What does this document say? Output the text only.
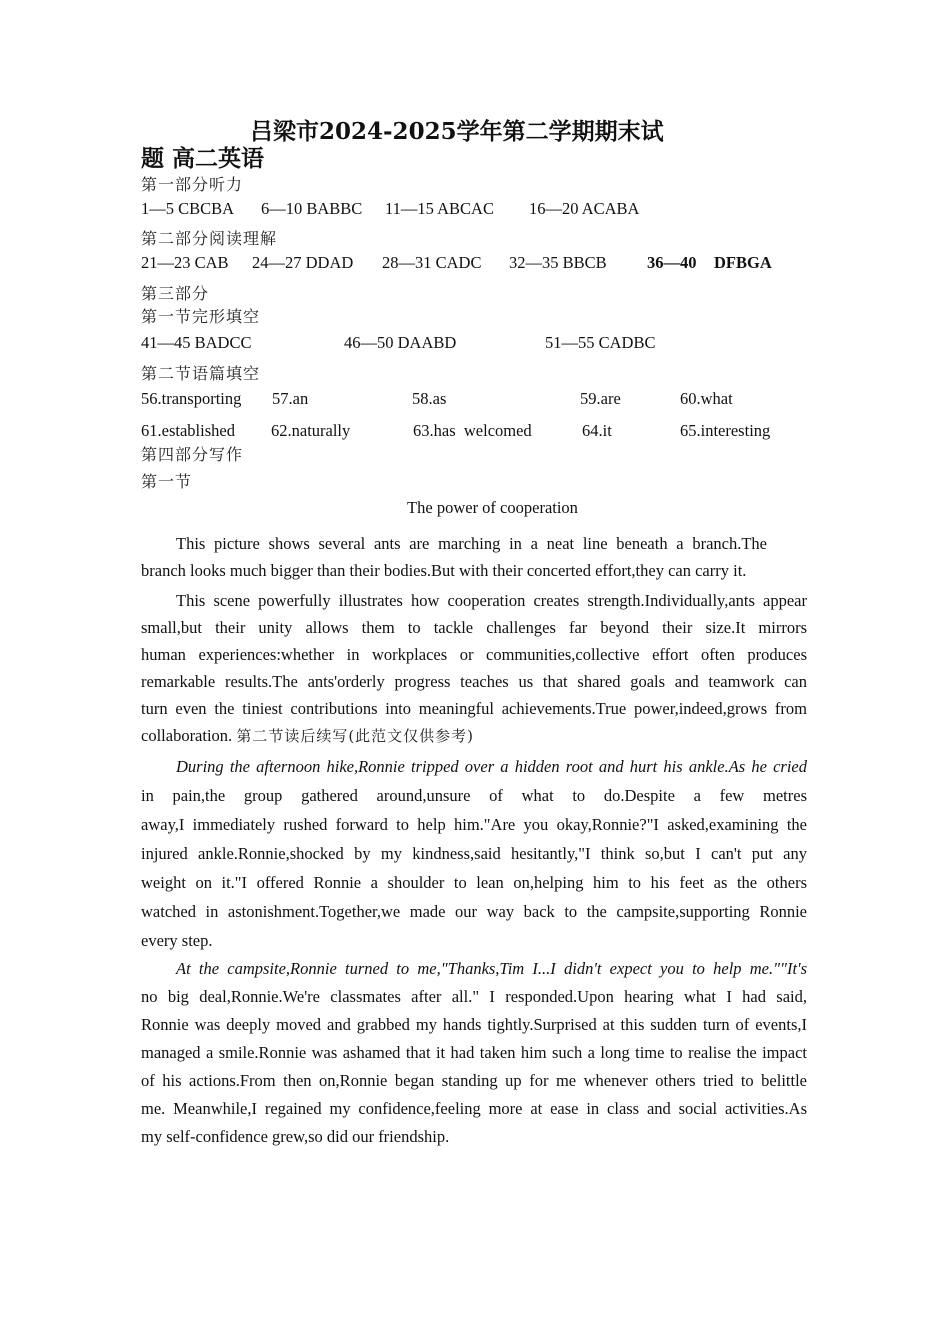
吕梁市2024-2025学年第二学期期末试
题 高二英语
第一部分听力
1—5 CBCBA 6—10 BABBC 11—15 ABCAC 16—20 ACABA
第二部分阅读理解
21—23 CAB 24—27 DDAD 28—31 CADC 32—35 BBCB 36—40 DFBGA
第三部分
第一节完形填空
41—45 BADCC	46—50 DAABD	51—55 CADBC
第二节语篇填空
56.transporting 57.an	58.as	59.are	60.what
61.established 62.naturally	63.has  welcomed	64.it	65.interesting
第四部分写作
第一节
The power of cooperation
This picture shows several ants are marching in a neat line beneath a branch.The
branch looks much bigger than their bodies.But with their concerted effort,they can carry it.
This scene powerfully illustrates how cooperation creates strength.Individually,ants appear
small,but their unity allows them to tackle challenges far beyond their size.It mirrors
human experiences:whether in workplaces or communities,collective effort often produces
remarkable results.The ants'orderly progress teaches us that shared goals and teamwork can
turn even the tiniest contributions into meaningful achievements.True power,indeed,grows from
collaboration. 第二节读后续写(此范文仅供参考)
During the afternoon hike,Ronnie tripped over a hidden root and hurt his ankle.As he cried
in pain,the group gathered around,unsure of what to do.Despite a few metres
away,I immediately rushed forward to help him."Are you okay,Ronnie?"I asked,examining the
injured ankle.Ronnie,shocked by my kindness,said hesitantly,"I think so,but I can't put any
weight on it."I offered Ronnie a shoulder to lean on,helping him to his feet as the others
watched in astonishment.Together,we made our way back to the campsite,supporting Ronnie
every step.
At the campsite,Ronnie turned to me,"Thanks,Tim I...I didn't expect you to help me.""It's
no big deal,Ronnie.We're classmates after all." I responded.Upon hearing what I had said,
Ronnie was deeply moved and grabbed my hands tightly.Surprised at this sudden turn of events,I
managed a smile.Ronnie was ashamed that it had taken him such a long time to realise the impact
of his actions.From then on,Ronnie began standing up for me whenever others tried to belittle
me. Meanwhile,I regained my confidence,feeling more at ease in class and social activities.As
my self-confidence grew,so did our friendship.
